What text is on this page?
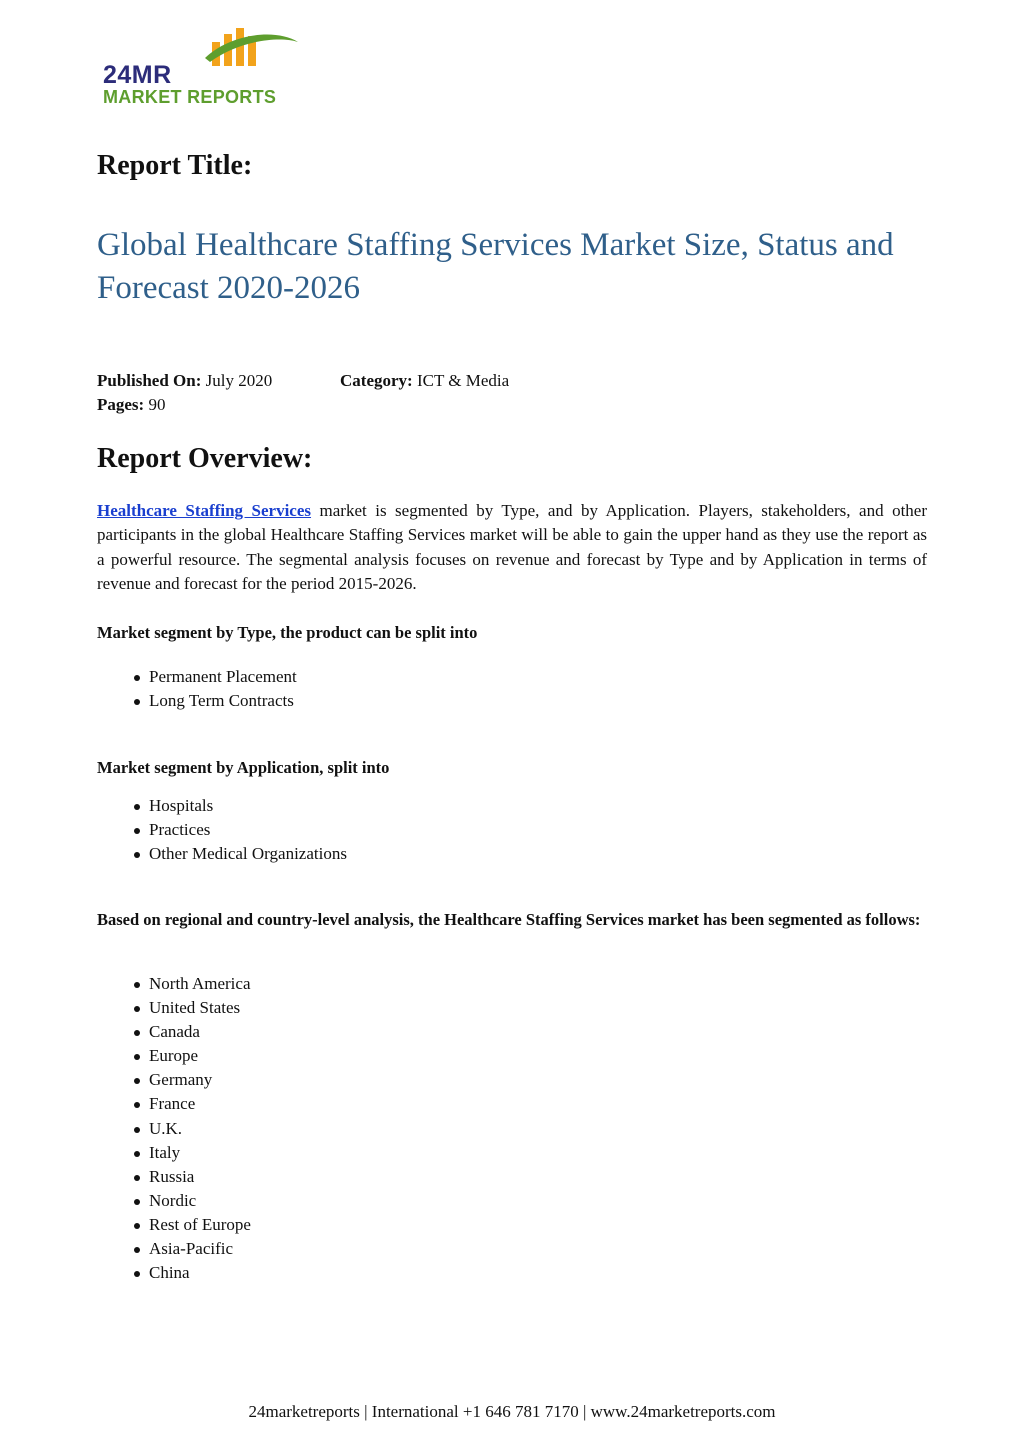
24MR
MARKET REPORTS
Report Title:
Global Healthcare Staffing Services Market Size, Status and Forecast 2020-2026
Published On: July 2020	Category: ICT & Media
Pages: 90
Report Overview:

Healthcare Staffing Services market is segmented by Type, and by Application. Players, stakeholders, and other participants in the global Healthcare Staffing Services market will be able to gain the upper hand as they use the report as a powerful resource. The segmental analysis focuses on revenue and forecast by Type and by Application in terms of revenue and forecast for the period 2015-2026.

Market segment by Type, the product can be split into

Permanent Placement
Long Term Contracts

Market segment by Application, split into

Hospitals
Practices
Other Medical Organizations

Based on regional and country-level analysis, the Healthcare Staffing Services market has been segmented as follows:

North America
United States
Canada
Europe
Germany
France
U.K.
Italy
Russia
Nordic
Rest of Europe
Asia-Pacific
China
24marketreports | International +1 646 781 7170 | www.24marketreports.com
